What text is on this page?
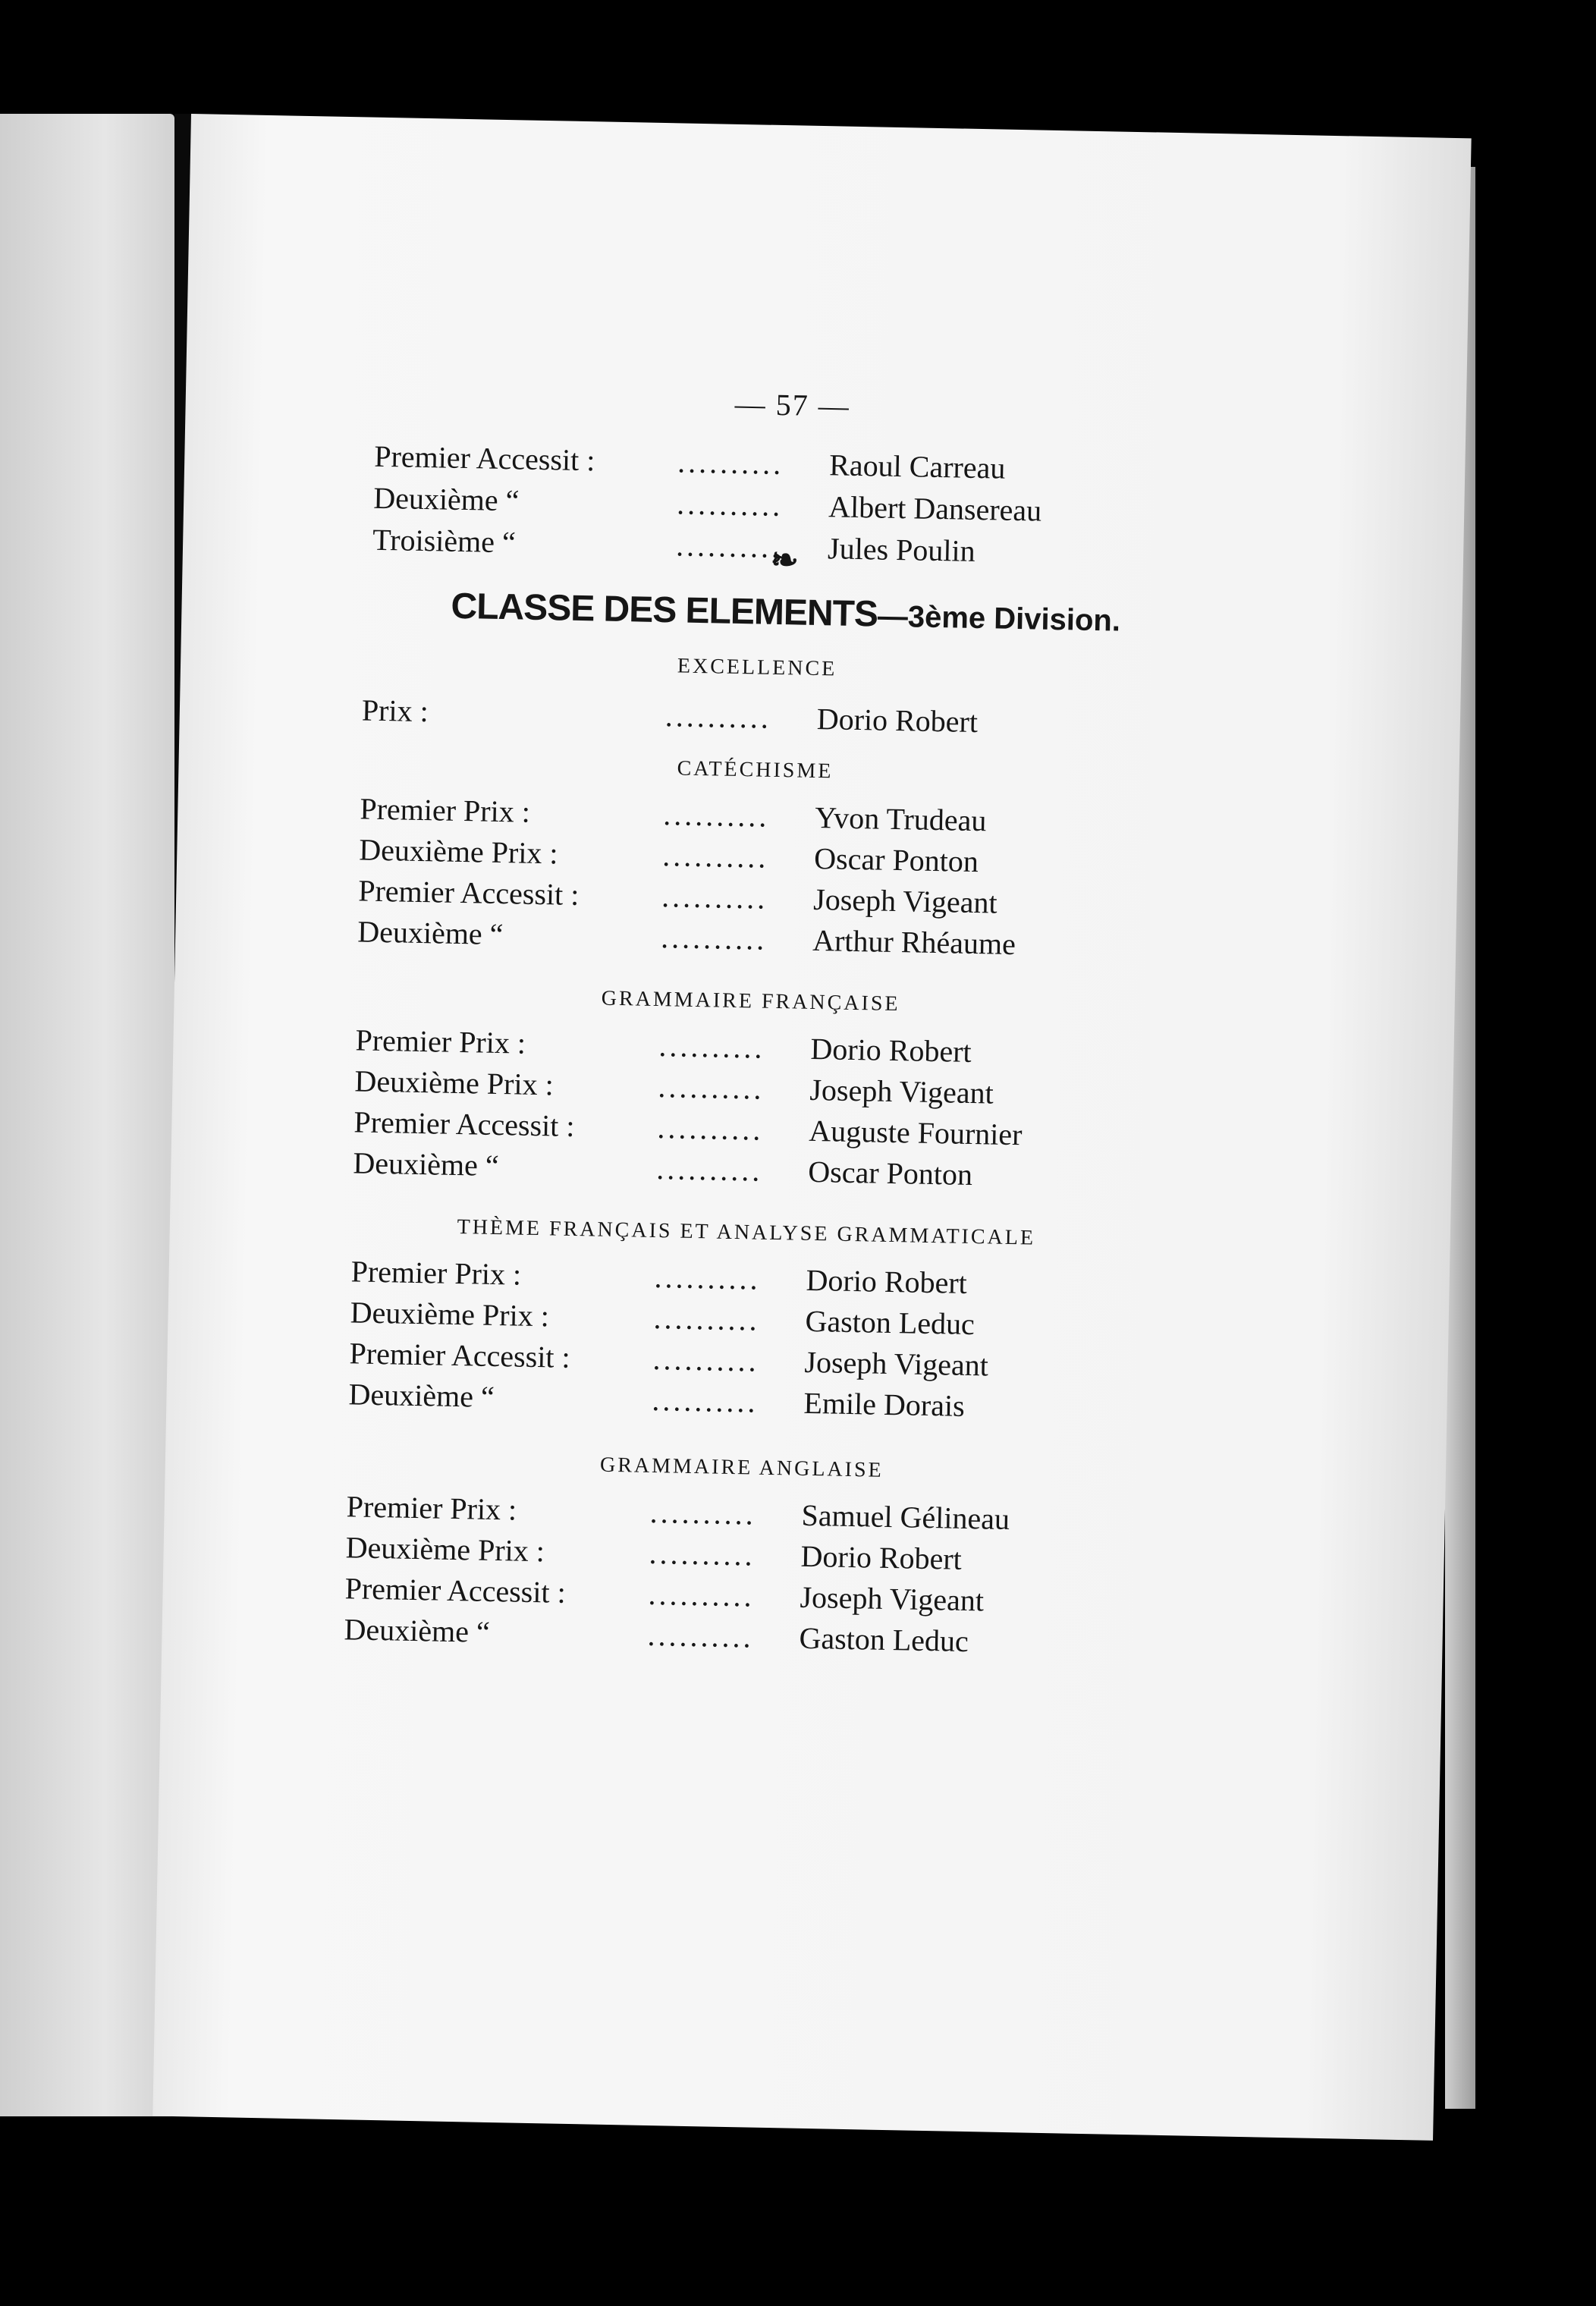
— 57 —
Premier Accessit :	.......... Raoul Carreau
Deuxième “	.......... Albert Dansereau
Troisième “	.......... Jules Poulin
❧
CLASSE DES ELEMENTS—3ème Division.
EXCELLENCE
Prix :	.......... Dorio Robert
CATÉCHISME
Premier Prix :	.......... Yvon Trudeau
Deuxième Prix :	.......... Oscar Ponton
Premier Accessit :	.......... Joseph Vigeant
Deuxième “	.......... Arthur Rhéaume
GRAMMAIRE FRANÇAISE
Premier Prix :	.......... Dorio Robert
Deuxième Prix :	.......... Joseph Vigeant
Premier Accessit :	.......... Auguste Fournier
Deuxième “	.......... Oscar Ponton
THÈME FRANÇAIS ET ANALYSE GRAMMATICALE
Premier Prix :	.......... Dorio Robert
Deuxième Prix :	.......... Gaston Leduc
Premier Accessit :	.......... Joseph Vigeant
Deuxième “	.......... Emile Dorais
GRAMMAIRE ANGLAISE
Premier Prix :	.......... Samuel Gélineau
Deuxième Prix :	.......... Dorio Robert
Premier Accessit :	.......... Joseph Vigeant
Deuxième “	.......... Gaston Leduc
